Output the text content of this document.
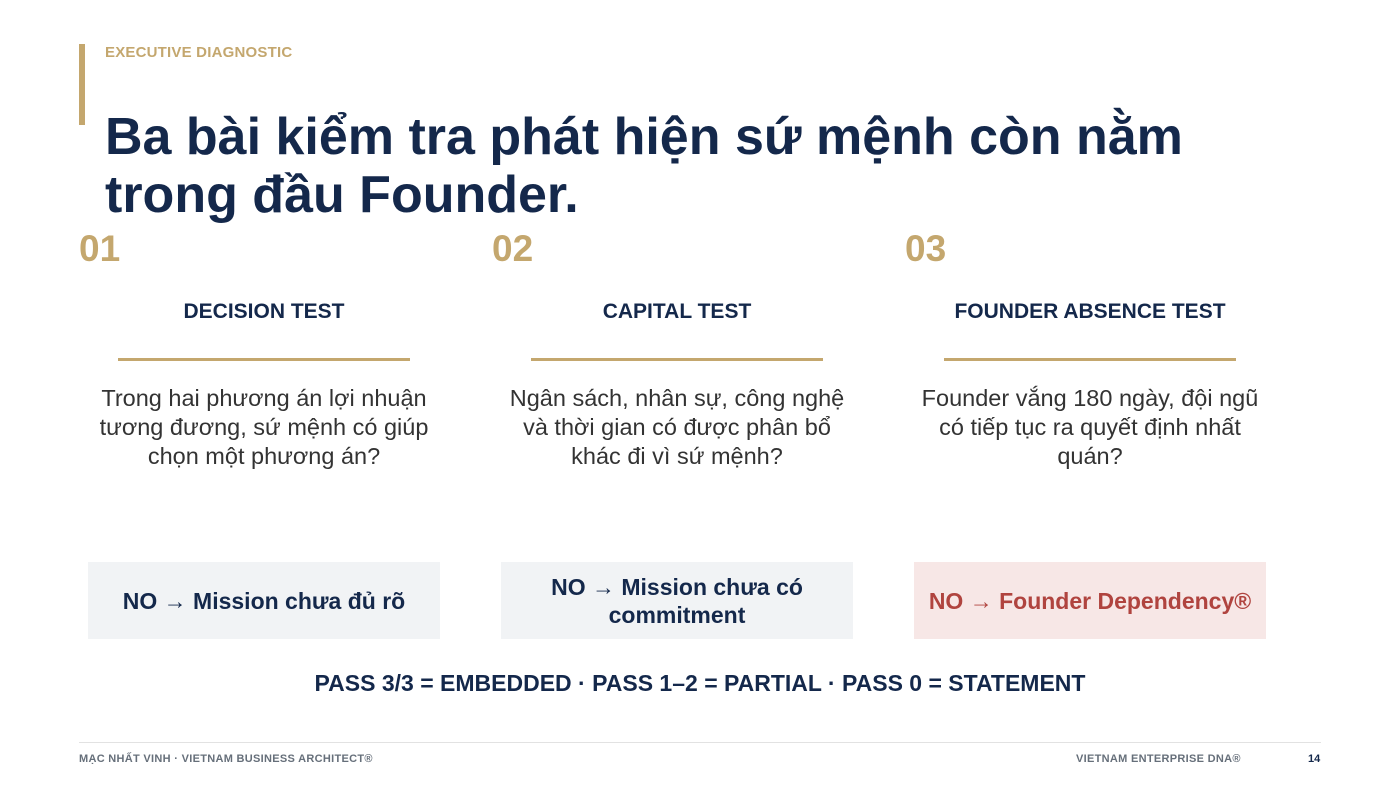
EXECUTIVE DIAGNOSTIC
Ba bài kiểm tra phát hiện sứ mệnh còn nằm trong đầu Founder.
01
DECISION TEST
Trong hai phương án lợi nhuận tương đương, sứ mệnh có giúp chọn một phương án?
NO → Mission chưa đủ rõ
02
CAPITAL TEST
Ngân sách, nhân sự, công nghệ và thời gian có được phân bổ khác đi vì sứ mệnh?
NO → Mission chưa có commitment
03
FOUNDER ABSENCE TEST
Founder vắng 180 ngày, đội ngũ có tiếp tục ra quyết định nhất quán?
NO → Founder Dependency®
PASS 3/3 = EMBEDDED · PASS 1–2 = PARTIAL · PASS 0 = STATEMENT
MẠC NHẤT VINH · VIETNAM BUSINESS ARCHITECT®	VIETNAM ENTERPRISE DNA®	14
